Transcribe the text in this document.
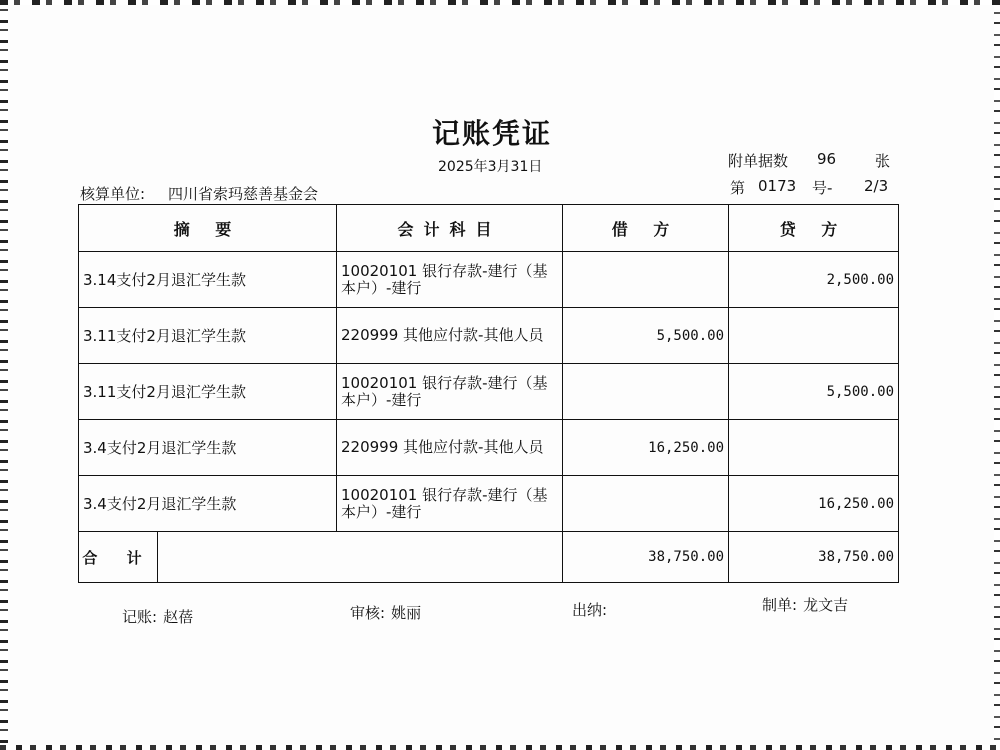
记账凭证
2025年3月31日	附单据数 96	张
核算单位: 四川省索玛慈善基金会	第 0173 号- 2/3
摘 要	会计科目	借 方	贷 方
3.14支付2月退汇学生款	10020101 银行存款-建行（基
本户）-建行		2,500.00
3.11支付2月退汇学生款	220999 其他应付款-其他人员	5,500.00	
3.11支付2月退汇学生款	10020101 银行存款-建行（基
本户）-建行		5,500.00
3.4支付2月退汇学生款	220999 其他应付款-其他人员	16,250.00	
3.4支付2月退汇学生款	10020101 银行存款-建行（基
本户）-建行		16,250.00

合 计		38,750.00	38,750.00
记账: 赵蓓	审核: 姚丽	出纳:	制单: 龙文吉
